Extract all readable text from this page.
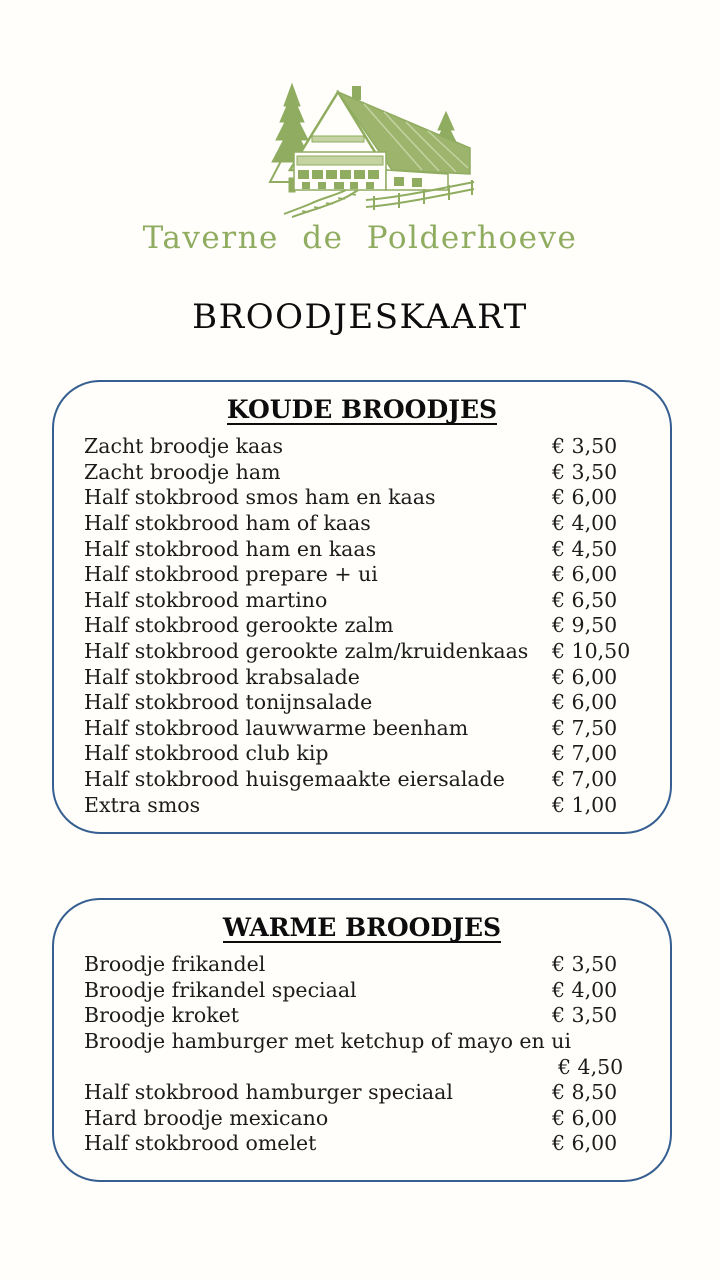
Taverne de Polderhoeve
BROODJESKAART
KOUDE BROODJES
Zacht broodje kaas	€ 3,50
Zacht broodje ham	€ 3,50
Half stokbrood smos ham en kaas	€ 6,00
Half stokbrood ham of kaas	€ 4,00
Half stokbrood ham en kaas	€ 4,50
Half stokbrood prepare + ui	€ 6,00
Half stokbrood martino	€ 6,50
Half stokbrood gerookte zalm	€ 9,50
Half stokbrood gerookte zalm/kruidenkaas	€ 10,50
Half stokbrood krabsalade	€ 6,00
Half stokbrood tonijnsalade	€ 6,00
Half stokbrood lauwwarme beenham	€ 7,50
Half stokbrood club kip	€ 7,00
Half stokbrood huisgemaakte eiersalade	€ 7,00
Extra smos	€ 1,00
WARME BROODJES
Broodje frikandel	€ 3,50
Broodje frikandel speciaal	€ 4,00
Broodje kroket	€ 3,50
Broodje hamburger met ketchup of mayo en ui
€ 4,50
Half stokbrood hamburger speciaal	€ 8,50
Hard broodje mexicano	€ 6,00
Half stokbrood omelet	€ 6,00
